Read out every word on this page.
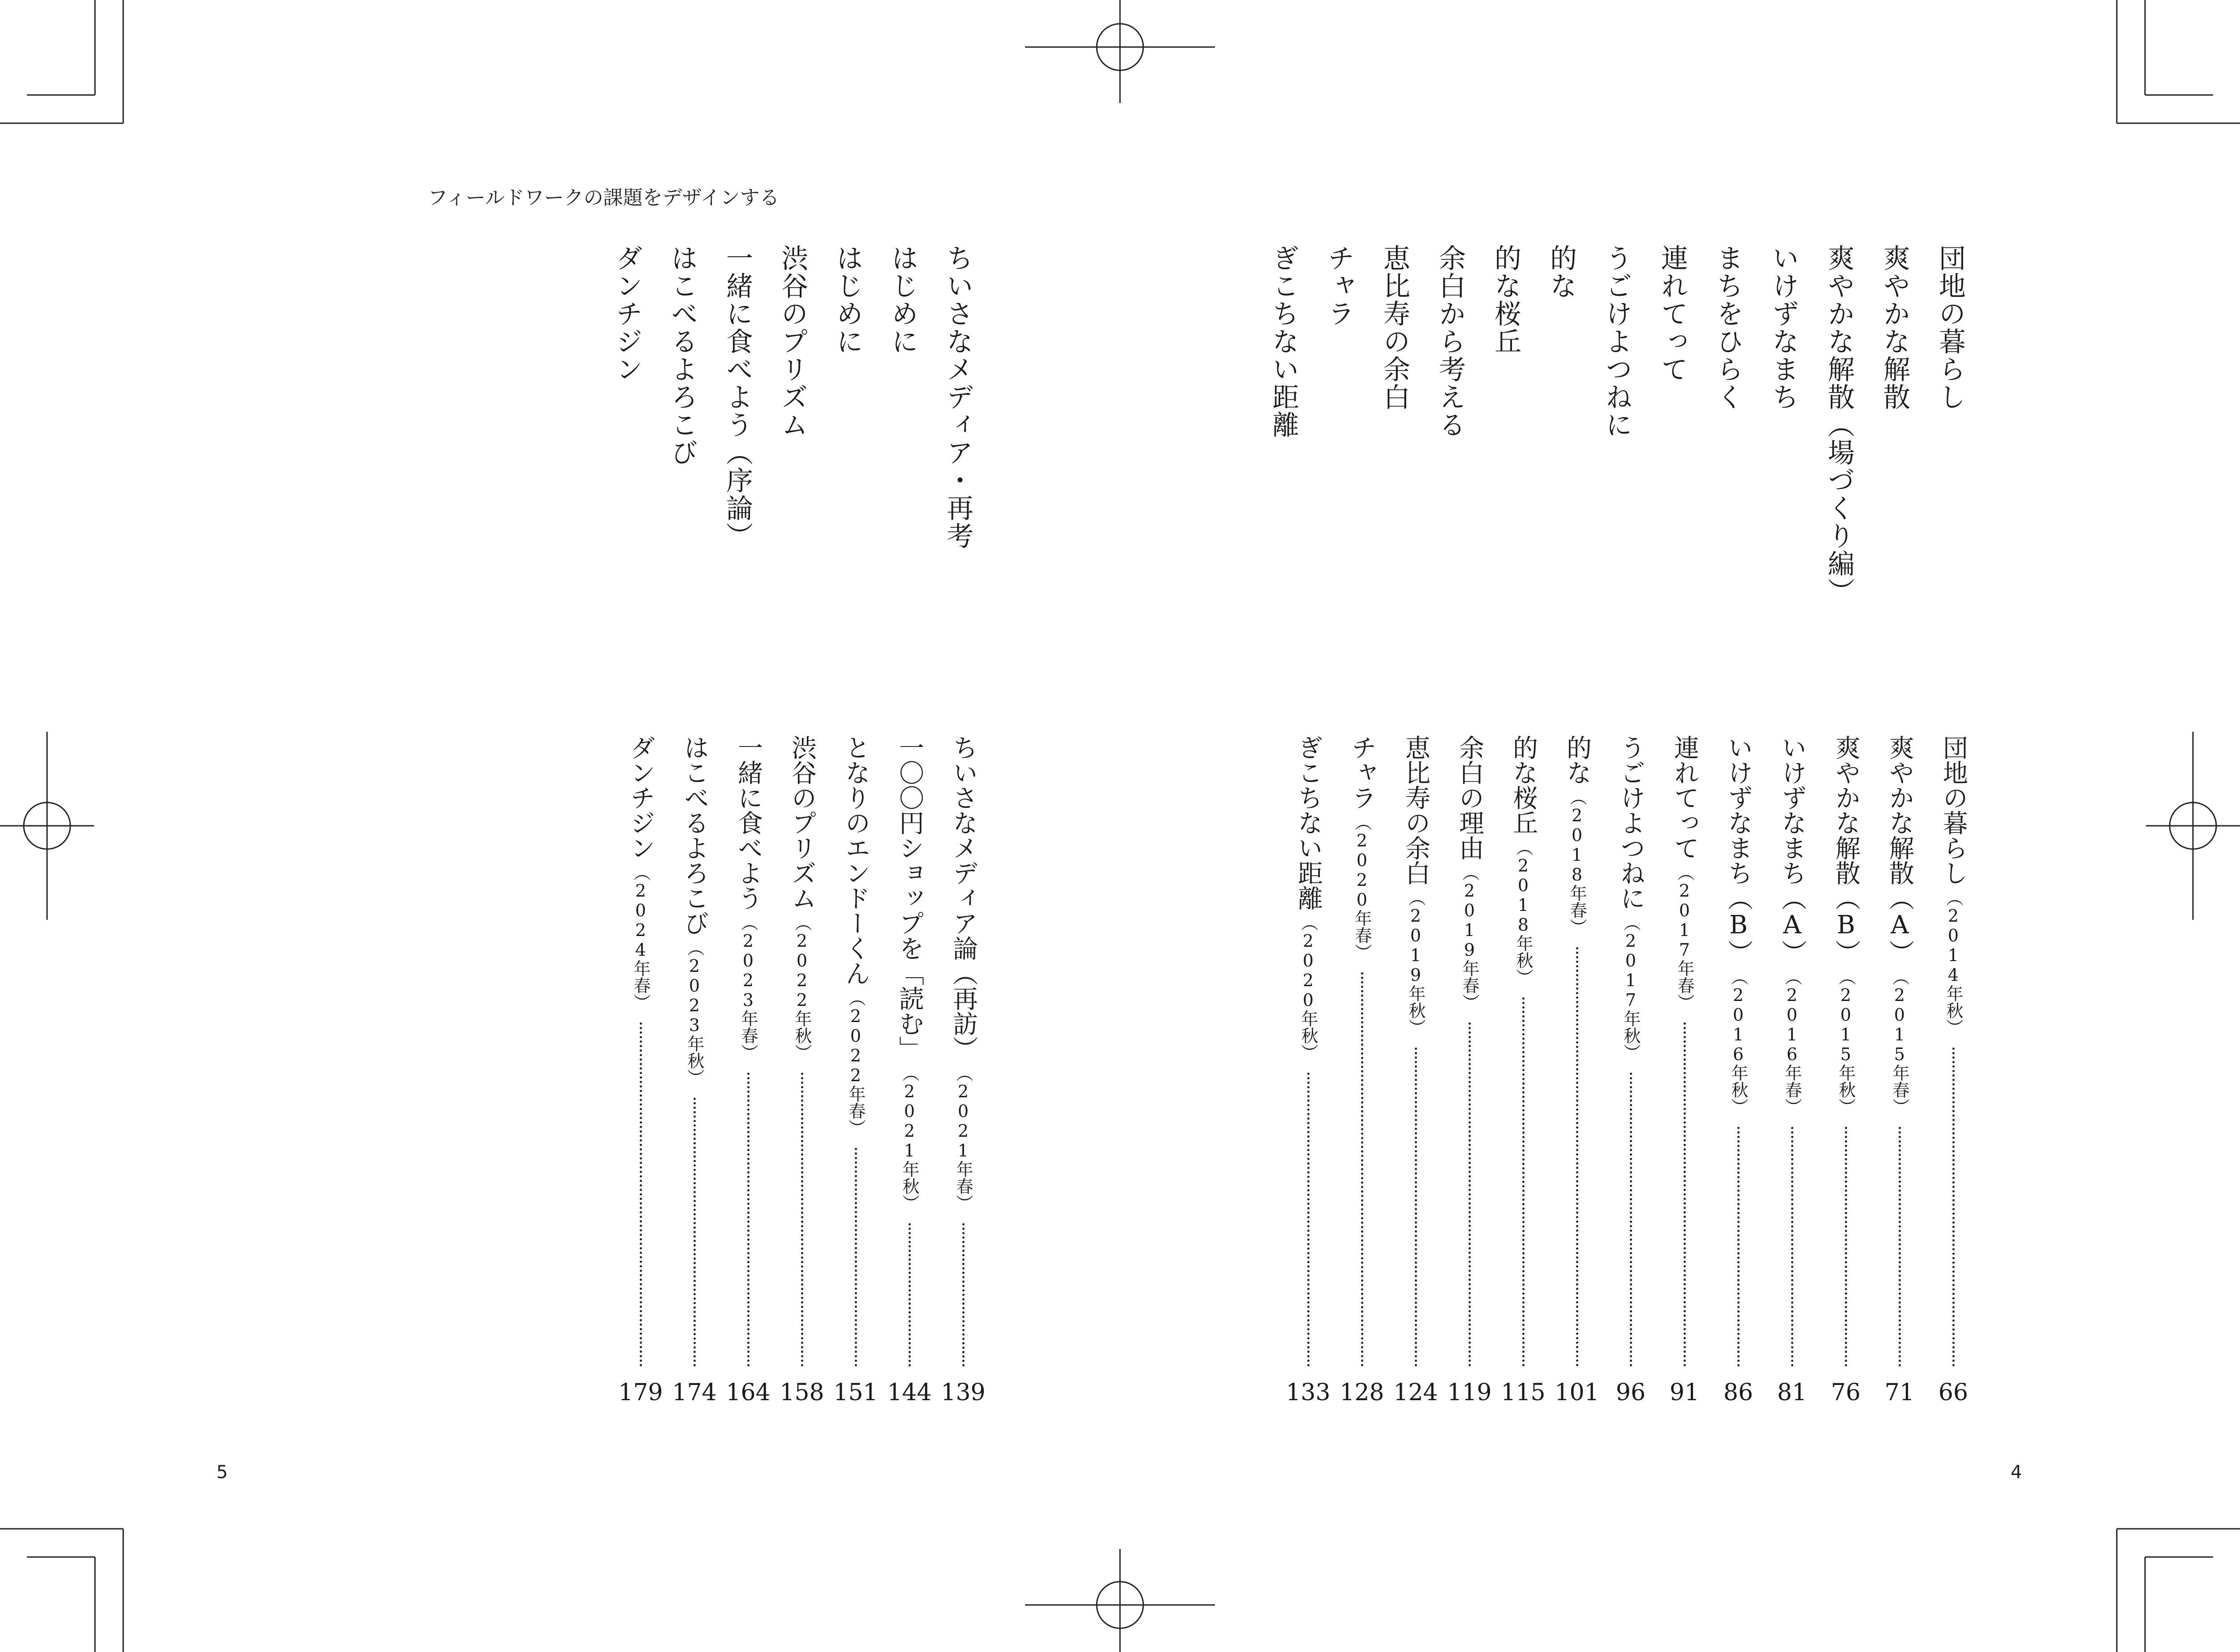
フィールドワークの課題をデザインする
5	4
団地の暮らし
爽やかな解散
爽やかな解散（場づくり編）
いけずなまち
まちをひらく
連れてって
うごけよつねに
的な
的な桜丘
余白から考える
恵比寿の余白
チャラ
ぎこちない距離
ちいさなメディア・再考
はじめに
はじめに
渋谷のプリズム
一緒に食べよう（序論）
はこべるよろこび
ダンチジン
団地の暮らし
（2014年秋）
爽やかな解散（A）
（2015年春）
爽やかな解散（B）
（2015年秋）
いけずなまち（A）
（2016年春）
いけずなまち（B）
（2016年秋）
連れてって
（2017年春）
うごけよつねに
（2017年秋）
的な
（2018年春）
的な桜丘
（2018年秋）
余白の理由
（2019年春）
恵比寿の余白
（2019年秋）
チャラ
（2020年春）
ぎこちない距離
（2020年秋）
ちいさなメディア論（再訪）
（2021年春）
一〇〇円ショップを「読む」
（2021年秋）
となりのエンドーくん
（2022年春）
渋谷のプリズム
（2022年秋）
一緒に食べよう
（2023年春）
はこべるよろこび
（2023年秋）
ダンチジン
（2024年春）
66
71
76
81
86
91
96
101
115
119
124
128
133
139
144
151
158
164
174
179
